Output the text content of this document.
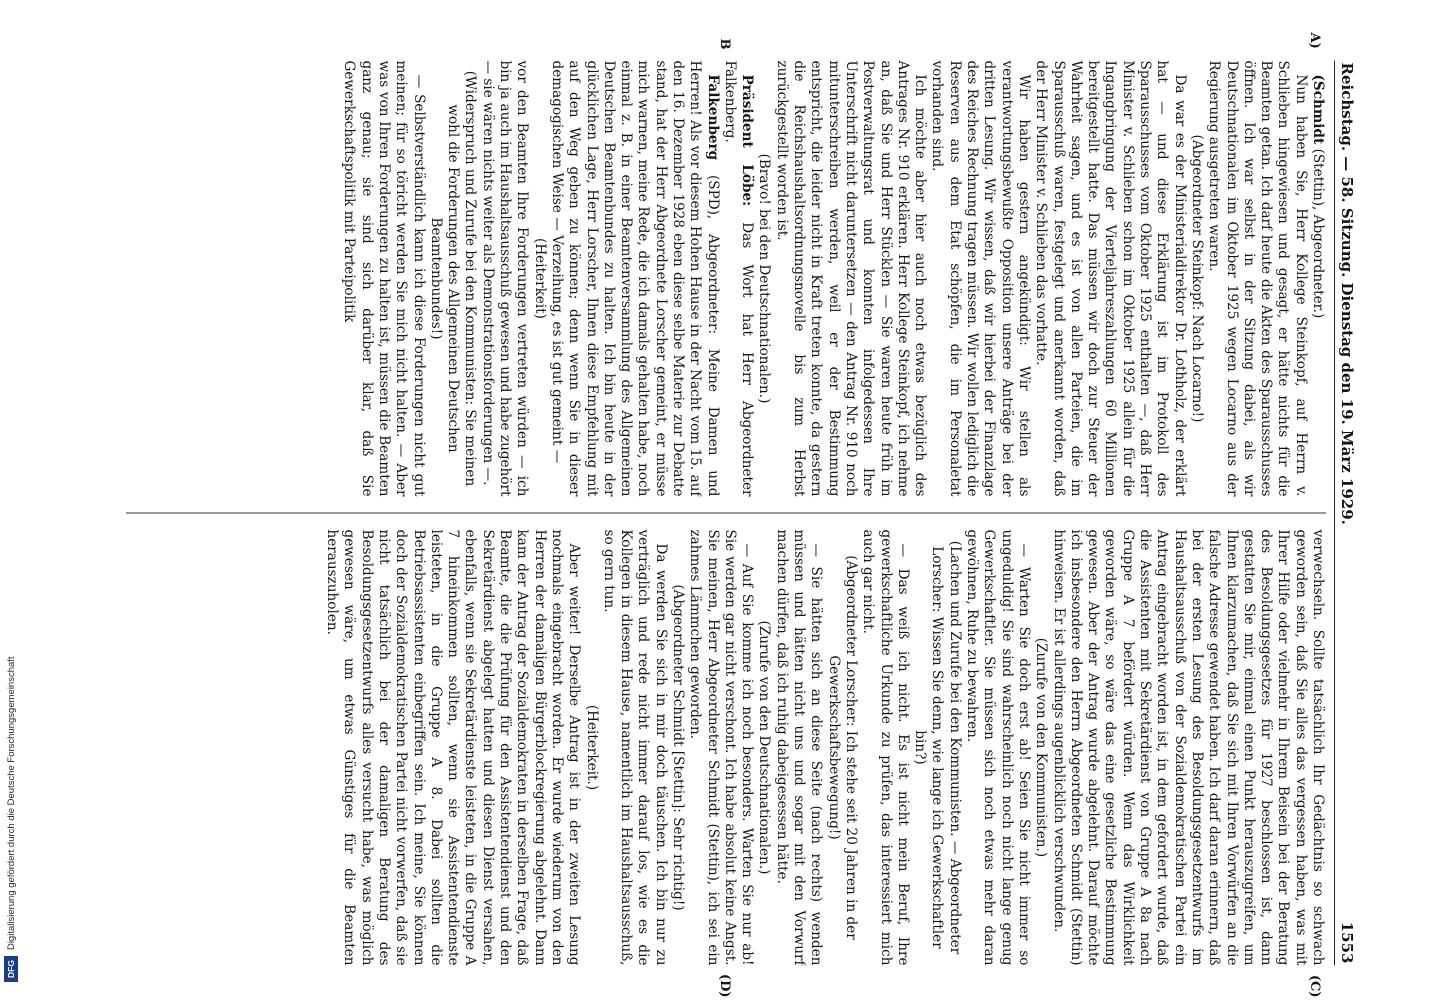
DFG
Digitalisierung gefördert durch die Deutsche Forschungsgemeinschaft
Reichstag. — 58. Sitzung. Dienstag den 19. März 1929.
1553
A)
B
(C)
(D)

(Schmidt (Stettin), Abgeordneter.)

Nun haben Sie, Herr Kollege Steinkopf, auf Herrn v. Schlieben hingewiesen und gesagt, er hätte nichts für die Beamten getan. Ich darf heute die Akten des Sparausschusses öffnen. Ich war selbst in der Sitzung dabei, als wir Deutschnationalen im Oktober 1925 wegen Locarno aus der Regierung ausgetreten waren.

(Abgeordneter Steinkopf: Nach Locarno!)

Da war es der Ministerialdirektor Dr. Lothholz, der erklärt hat — und diese Erklärung ist im Protokoll des Sparausschusses vom Oktober 1925 enthalten —, daß Herr Minister v. Schlieben schon im Oktober 1925 allein für die Ingangbringung der Vierteljahreszahlungen 60 Millionen bereitgestellt hatte. Das müssen wir doch zur Steuer der Wahrheit sagen, und es ist von allen Parteien, die im Sparausschuß waren, festgelegt und anerkannt worden, daß der Herr Minister v. Schlieben das vorhatte.

Wir haben gestern angekündigt: Wir stellen als verantwortungsbewußte Opposition unsere Anträge bei der dritten Lesung. Wir wissen, daß wir hierbei der Finanzlage des Reiches Rechnung tragen müssen. Wir wollen lediglich die Reserven aus dem Etat schöpfen, die im Personaletat vorhanden sind.

Ich möchte aber hier auch noch etwas bezüglich des Antrages Nr. 910 erklären. Herr Kollege Steinkopf, ich nehme an, daß Sie und Herr Stücklen — Sie waren heute früh im Postverwaltungsrat und konnten infolgedessen Ihre Unterschrift nicht daruntersetzen — den Antrag Nr. 910 noch mitunterschreiben werden, weil er der Bestimmung entspricht, die leider nicht in Kraft treten konnte, da gestern die Reichshaushaltsordnungsnovelle bis zum Herbst zurückgestellt worden ist.

(Bravo! bei den Deutschnationalen.)

Präsident Löbe: Das Wort hat Herr Abgeordneter Falkenberg.

Falkenberg (SPD), Abgeordneter: Meine Damen und Herren! Als vor diesem Hohen Hause in der Nacht vom 15. auf den 16. Dezember 1928 eben diese selbe Materie zur Debatte stand, hat der Herr Abgeordnete Lorscher gemeint, er müsse mich warnen, meine Rede, die ich damals gehalten habe, noch einmal z. B. in einer Beamtenversammlung des Allgemeinen Deutschen Beamtenbundes zu halten. Ich bin heute in der glücklichen Lage, Herr Lorscher, Ihnen diese Empfehlung mit auf den Weg geben zu können; denn wenn Sie in dieser demagogischen Weise — Verzeihung, es ist gut gemeint —

(Heiterkeit)

vor den Beamten Ihre Forderungen vertreten würden — ich bin ja auch im Haushaltsausschuß gewesen und habe zugehört — sie wären nichts weiter als Demonstrationsforderungen —.

(Widerspruch und Zurufe bei den Kommunisten: Sie meinen wohl die Forderungen des Allgemeinen Deutschen Beamtenbundes!)

— Selbstverständlich kann ich diese Forderungen nicht gut meinen; für so töricht werden Sie mich nicht halten. — Aber was von Ihren Forderungen zu halten ist, müssen die Beamten ganz genau; sie sind sich darüber klar, daß Sie Gewerkschaftspolitik mit Parteipolitik

verwechseln. Sollte tatsächlich Ihr Gedächtnis so schwach geworden sein, daß Sie alles das vergessen haben, was mit Ihrer Hilfe oder vielmehr in Ihrem Beisein bei der Beratung des Besoldungsgesetzes für 1927 beschlossen ist, dann gestatten Sie mir, einmal einen Punkt herauszugreifen, um Ihnen klarzumachen, daß Sie sich mit Ihren Vorwürfen an die falsche Adresse gewendet haben. Ich darf daran erinnern, daß bei der ersten Lesung des Besoldungsgesetzentwurfs im Haushaltsausschuß von der Sozialdemokratischen Partei ein Antrag eingebracht worden ist, in dem gefordert wurde, daß die Assistenten mit Sekretärdienst von Gruppe A 8a nach Gruppe A 7 befördert würden. Wenn das Wirklichkeit geworden wäre, so wäre das eine gesetzliche Bestimmung gewesen. Aber der Antrag wurde abgelehnt. Darauf möchte ich insbesondere den Herrn Abgeordneten Schmidt (Stettin) hinweisen. Er ist allerdings augenblicklich verschwunden.

(Zurufe von den Kommunisten.)

— Warten Sie doch erst ab! Seien Sie nicht immer so ungeduldig! Sie sind wahrscheinlich noch nicht lange genug Gewerkschaftler. Sie müssen sich noch etwas mehr daran gewöhnen, Ruhe zu bewahren.

(Lachen und Zurufe bei den Kommunisten. — Abgeordneter Lorscher: Wissen Sie denn, wie lange ich Gewerkschaftler bin?)

— Das weiß ich nicht. Es ist nicht mein Beruf, Ihre gewerkschaftliche Urkunde zu prüfen, das interessiert mich auch gar nicht.

(Abgeordneter Lorscher: Ich stehe seit 20 Jahren in der Gewerkschaftsbewegung!)

— Sie hätten sich an diese Seite (nach rechts) wenden müssen und hätten nicht uns und sogar mit den Vorwurf machen dürfen, daß ich ruhig dabeigesessen hätte.

(Zurufe von den Deutschnationalen.)

— Auf Sie komme ich noch besonders. Warten Sie nur ab! Sie werden gar nicht verschont. Ich habe absolut keine Angst. Sie meinen, Herr Abgeordneter Schmidt (Stettin), ich sei ein zahmes Lämmchen geworden.

(Abgeordneter Schmidt [Stettin]: Sehr richtig!)

Da werden Sie sich in mir doch täuschen. Ich bin nur zu verträglich und rede nicht immer darauf los, wie es die Kollegen in diesem Hause, namentlich im Haushaltsausschuß, so gern tun.

(Heiterkeit.)

Aber weiter! Derselbe Antrag ist in der zweiten Lesung nochmals eingebracht worden. Er wurde wiederum von den Herren der damaligen Bürgerblockregierung abgelehnt. Dann kam der Antrag der Sozialdemokraten in derselben Frage, daß Beamte, die die Prüfung für den Assistentendienst und den Sekretärdienst abgelegt hatten und diesen Dienst versahen, ebenfalls, wenn sie Sekretärdienste leisteten, in die Gruppe A 7 hineinkommen sollten, wenn sie Assistentendienste leisteten, in die Gruppe A 8. Dabei sollten die Betriebsassistenten einbegriffen sein. Ich meine, Sie können doch der Sozialdemokratischen Partei nicht vorwerfen, daß sie nicht tatsächlich bei der damaligen Beratung des Besoldungsgesetzentwurfs alles versucht habe, was möglich gewesen wäre, um etwas Günstiges für die Beamten herauszuholen.
